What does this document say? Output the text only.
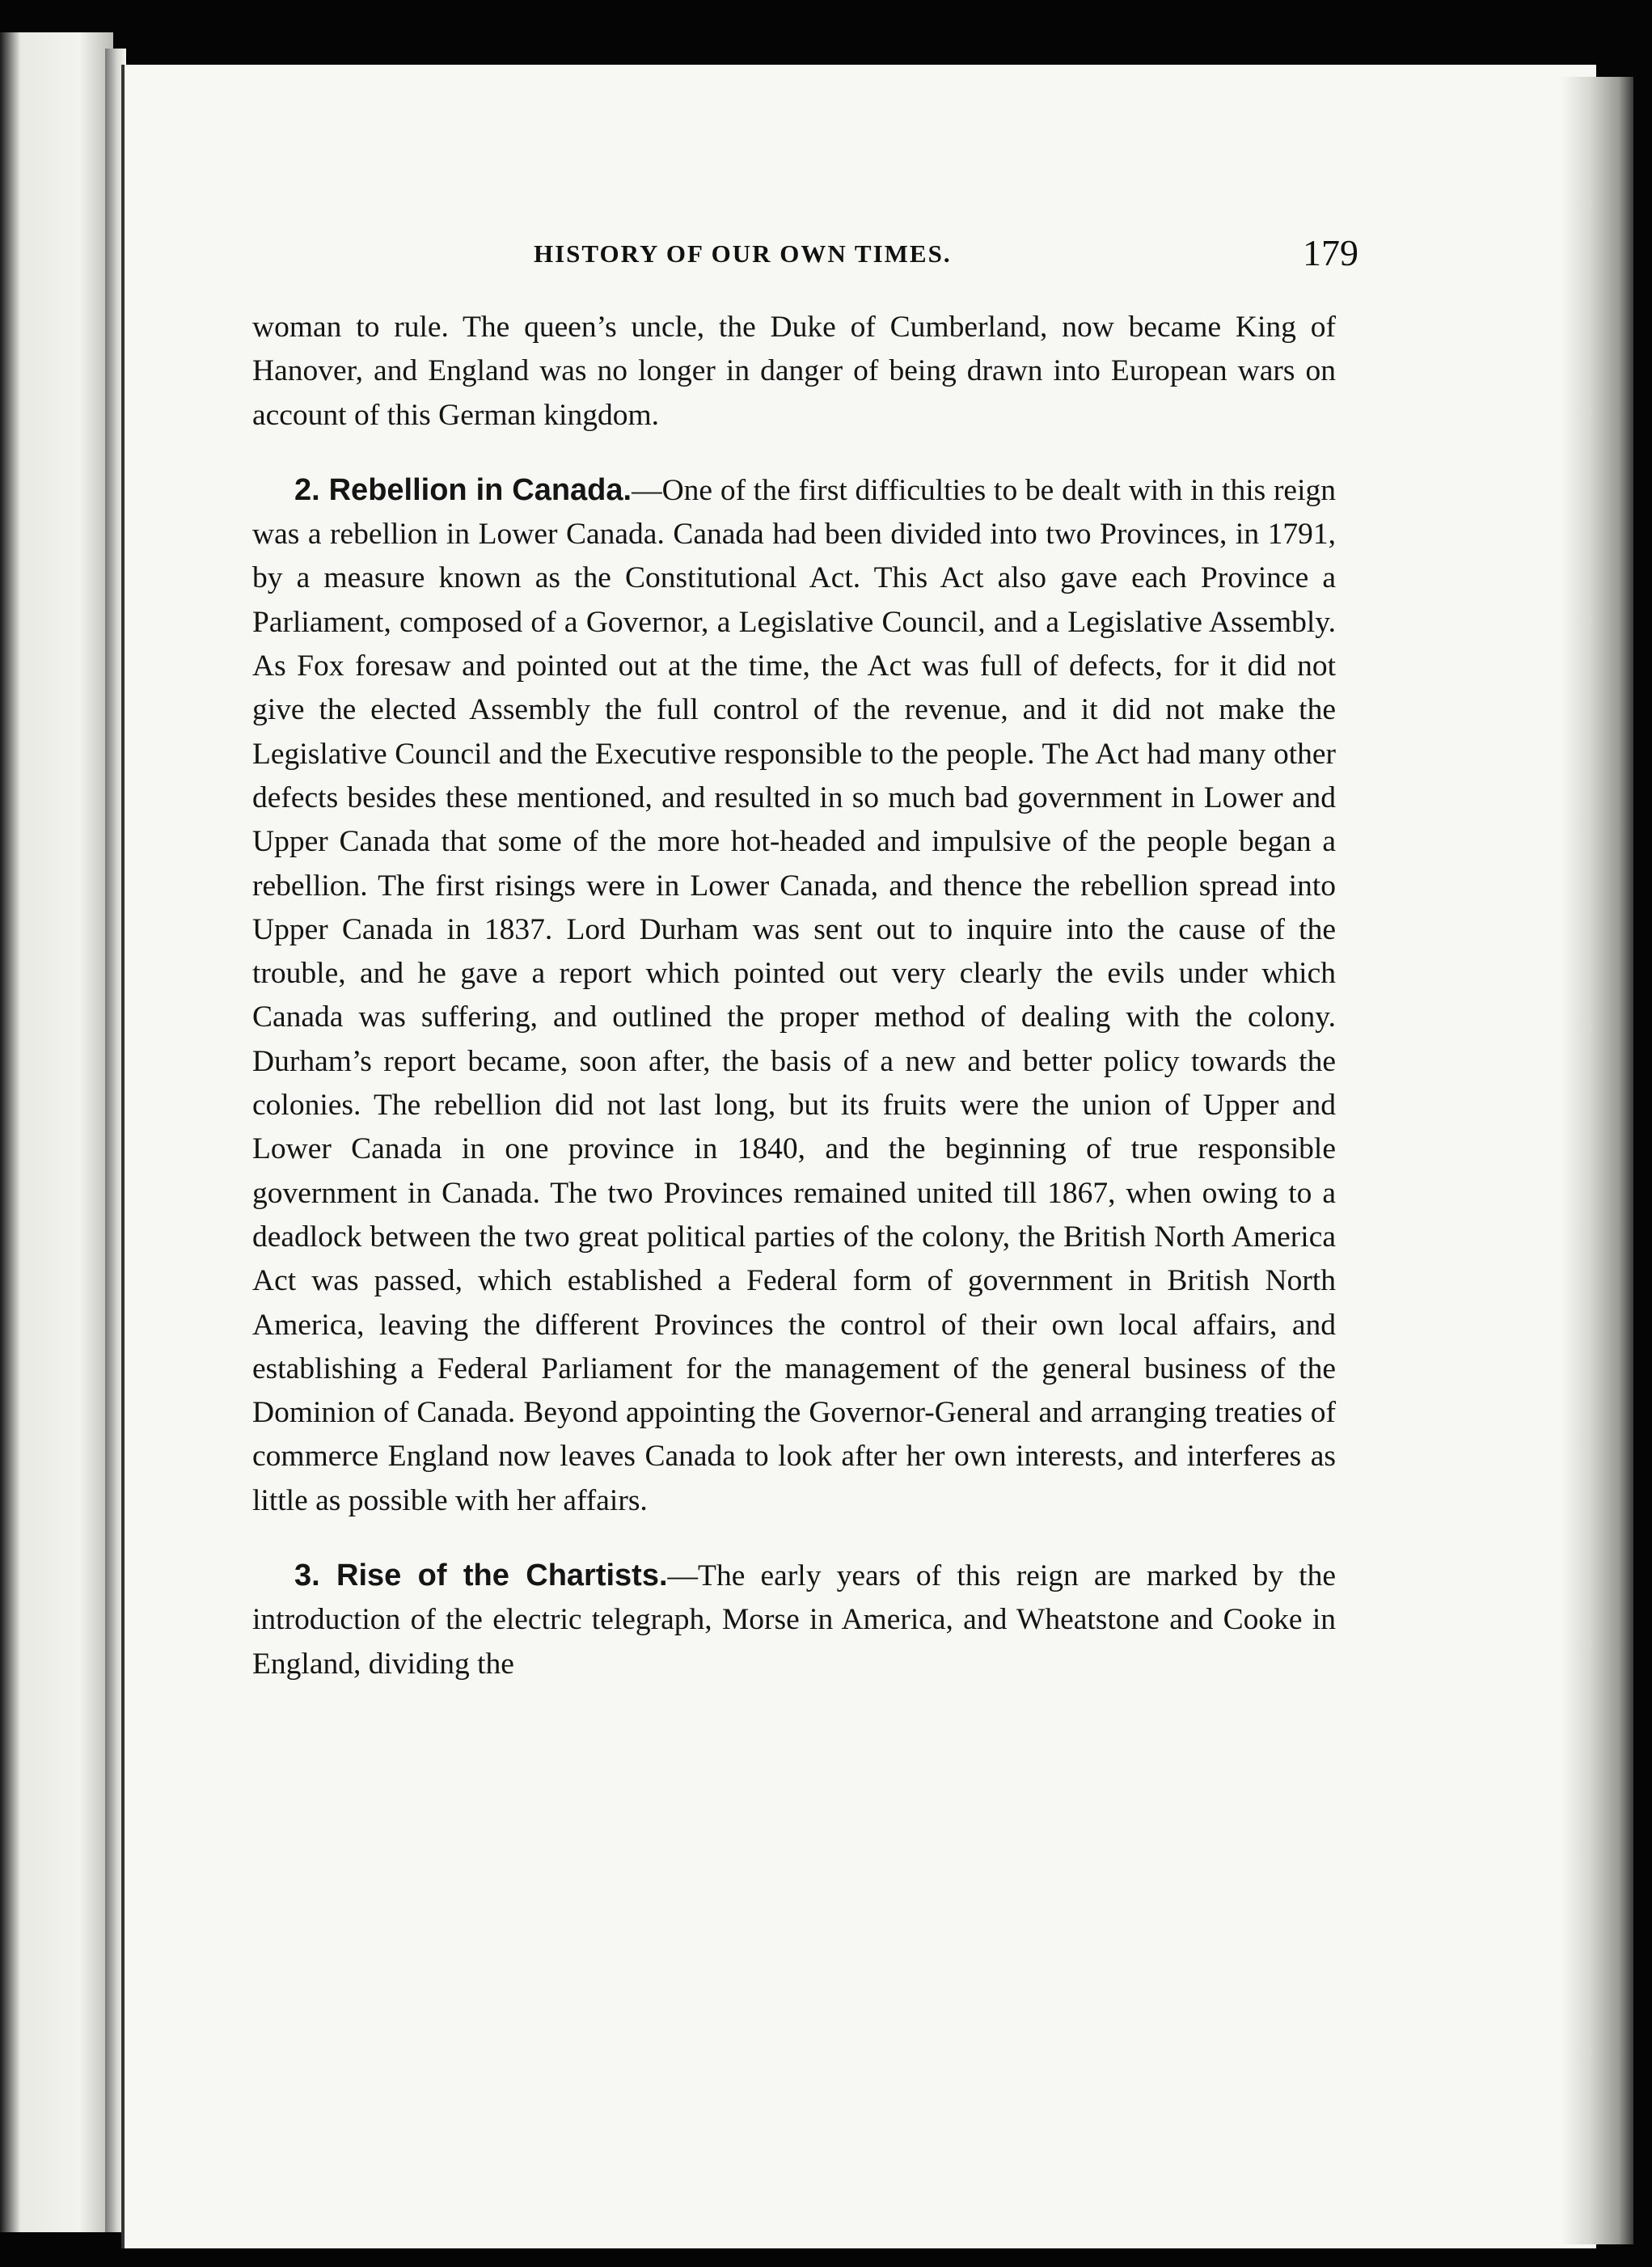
HISTORY OF OUR OWN TIMES.	179

woman to rule. The queen’s uncle, the Duke of Cumberland, now became King of Hanover, and England was no longer in danger of being drawn into European wars on account of this German kingdom.

2. Rebellion in Canada.—One of the first difficulties to be dealt with in this reign was a rebellion in Lower Canada. Canada had been divided into two Provinces, in 1791, by a measure known as the Constitutional Act. This Act also gave each Province a Parliament, composed of a Governor, a Legislative Council, and a Legislative Assembly. As Fox foresaw and pointed out at the time, the Act was full of defects, for it did not give the elected Assembly the full control of the revenue, and it did not make the Legislative Council and the Executive responsible to the people. The Act had many other defects besides these mentioned, and resulted in so much bad government in Lower and Upper Canada that some of the more hot-headed and impulsive of the people began a rebellion. The first risings were in Lower Canada, and thence the rebellion spread into Upper Canada in 1837. Lord Durham was sent out to inquire into the cause of the trouble, and he gave a report which pointed out very clearly the evils under which Canada was suffering, and outlined the proper method of dealing with the colony. Durham’s report became, soon after, the basis of a new and better policy towards the colonies. The rebellion did not last long, but its fruits were the union of Upper and Lower Canada in one province in 1840, and the beginning of true responsible government in Canada. The two Provinces remained united till 1867, when owing to a deadlock between the two great political parties of the colony, the British North America Act was passed, which established a Federal form of government in British North America, leaving the different Provinces the control of their own local affairs, and establishing a Federal Parliament for the management of the general business of the Dominion of Canada. Beyond appointing the Governor-General and arranging treaties of commerce England now leaves Canada to look after her own interests, and interferes as little as possible with her affairs.

3. Rise of the Chartists.—The early years of this reign are marked by the introduction of the electric telegraph, Morse in America, and Wheatstone and Cooke in England, dividing the
